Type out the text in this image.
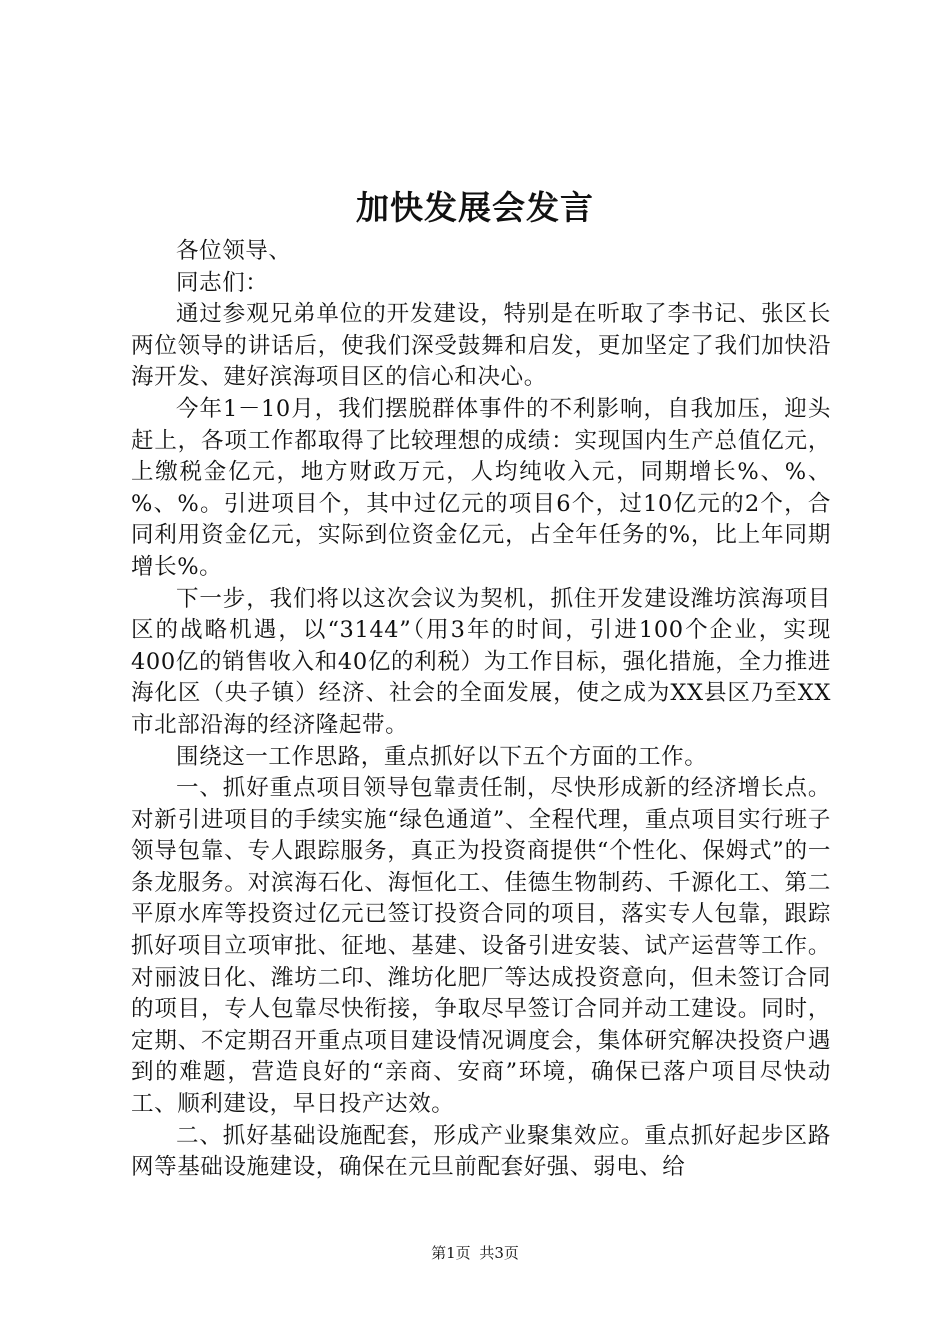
加快发展会发言

各位领导、

同志们：

通过参观兄弟单位的开发建设，特别是在听取了李书记、张区长两位领导的讲话后，使我们深受鼓舞和启发，更加坚定了我们加快沿海开发、建好滨海项目区的信心和决心。

今年1－10月，我们摆脱群体事件的不利影响，自我加压，迎头赶上，各项工作都取得了比较理想的成绩：实现国内生产总值亿元，上缴税金亿元，地方财政万元，人均纯收入元，同期增长%、%、%、%。引进项目个，其中过亿元的项目6个，过10亿元的2个，合同利用资金亿元，实际到位资金亿元，占全年任务的%，比上年同期增长%。

下一步，我们将以这次会议为契机，抓住开发建设潍坊滨海项目区的战略机遇，以“3144”（用3年的时间，引进100个企业，实现400亿的销售收入和40亿的利税）为工作目标，强化措施，全力推进海化区（央子镇）经济、社会的全面发展，使之成为XX县区乃至XX市北部沿海的经济隆起带。

围绕这一工作思路，重点抓好以下五个方面的工作。

一、抓好重点项目领导包靠责任制，尽快形成新的经济增长点。对新引进项目的手续实施“绿色通道”、全程代理，重点项目实行班子领导包靠、专人跟踪服务，真正为投资商提供“个性化、保姆式”的一条龙服务。对滨海石化、海恒化工、佳德生物制药、千源化工、第二平原水库等投资过亿元已签订投资合同的项目，落实专人包靠，跟踪抓好项目立项审批、征地、基建、设备引进安装、试产运营等工作。对丽波日化、潍坊二印、潍坊化肥厂等达成投资意向，但未签订合同的项目，专人包靠尽快衔接，争取尽早签订合同并动工建设。同时，定期、不定期召开重点项目建设情况调度会，集体研究解决投资户遇到的难题，营造良好的“亲商、安商”环境，确保已落户项目尽快动工、顺利建设，早日投产达效。

二、抓好基础设施配套，形成产业聚集效应。重点抓好起步区路网等基础设施建设，确保在元旦前配套好强、弱电、给

第1页 共3页
